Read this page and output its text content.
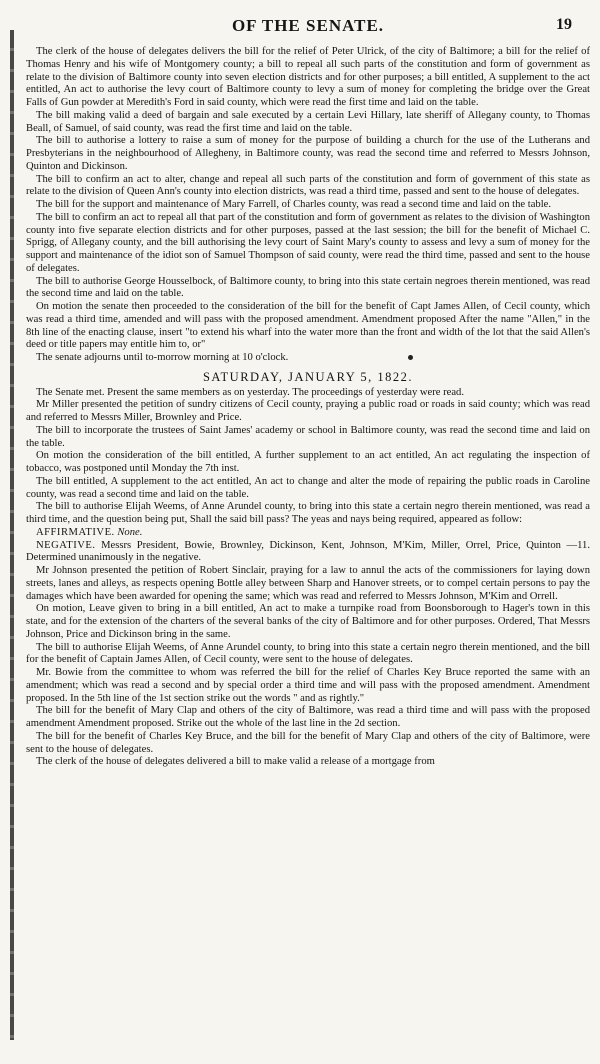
OF THE SENATE.	19

The clerk of the house of delegates delivers the bill for the relief of Peter Ulrick, of the city of Baltimore; a bill for the relief of Thomas Henry and his wife of Montgomery county; a bill to repeal all such parts of the constitution and form of government as relate to the division of Baltimore county into seven election districts and for other purposes; a bill entitled, A supplement to the act entitled, An act to authorise the levy court of Baltimore county to levy a sum of money for completing the bridge over the Great Falls of Gun powder at Meredith's Ford in said county, which were read the first time and laid on the table.

The bill making valid a deed of bargain and sale executed by a certain Levi Hillary, late sheriff of Allegany county, to Thomas Beall, of Samuel, of said county, was read the first time and laid on the table.

The bill to authorise a lottery to raise a sum of money for the purpose of building a church for the use of the Lutherans and Presbyterians in the neighbourhood of Allegheny, in Baltimore county, was read the second time and referred to Messrs Johnson, Quinton and Dickinson.

The bill to confirm an act to alter, change and repeal all such parts of the constitution and form of government of this state as relate to the division of Queen Ann's county into election districts, was read a third time, passed and sent to the house of delegates.

The bill for the support and maintenance of Mary Farrell, of Charles county, was read a second time and laid on the table.

The bill to confirm an act to repeal all that part of the constitution and form of government as relates to the division of Washington county into five separate election districts and for other purposes, passed at the last session; the bill for the benefit of Michael C. Sprigg, of Allegany county, and the bill authorising the levy court of Saint Mary's county to assess and levy a sum of money for the support and maintenance of the idiot son of Samuel Thompson of said county, were read the third time, passed and sent to the house of delegates.

The bill to authorise George Housselbock, of Baltimore county, to bring into this state certain negroes therein mentioned, was read the second time and laid on the table.

On motion the senate then proceeded to the consideration of the bill for the benefit of Capt James Allen, of Cecil county, which was read a third time, amended and will pass with the proposed amendment. Amendment proposed After the name "Allen," in the 8th line of the enacting clause, insert "to extend his wharf into the water more than the front and width of the lot that the said Allen's deed or title papers may entitle him to, or"

The senate adjourns until to-morrow morning at 10 o'clock.

SATURDAY, JANUARY 5, 1822.

The Senate met. Present the same members as on yesterday. The proceedings of yesterday were read.

Mr Miller presented the petition of sundry citizens of Cecil county, praying a public road or roads in said county; which was read and referred to Messrs Miller, Brownley and Price.

The bill to incorporate the trustees of Saint James' academy or school in Baltimore county, was read the second time and laid on the table.

On motion the consideration of the bill entitled, A further supplement to an act entitled, An act regulating the inspection of tobacco, was postponed until Monday the 7th inst.

The bill entitled, A supplement to the act entitled, An act to change and alter the mode of repairing the public roads in Caroline county, was read a second time and laid on the table.

The bill to authorise Elijah Weems, of Anne Arundel county, to bring into this state a certain negro therein mentioned, was read a third time, and the question being put, Shall the said bill pass? The yeas and nays being required, appeared as follow:

AFFIRMATIVE. None.

NEGATIVE. Messrs President, Bowie, Brownley, Dickinson, Kent, Johnson, M'Kim, Miller, Orrel, Price, Quinton —11. Determined unanimously in the negative.

Mr Johnson presented the petition of Robert Sinclair, praying for a law to annul the acts of the commissioners for laying down streets, lanes and alleys, as respects opening Bottle alley between Sharp and Hanover streets, or to compel certain persons to pay the damages which have been awarded for opening the same; which was read and referred to Messrs Johnson, M'Kim and Orrell.

On motion, Leave given to bring in a bill entitled, An act to make a turnpike road from Boonsborough to Hager's town in this state, and for the extension of the charters of the several banks of the city of Baltimore and for other purposes. Ordered, That Messrs Johnson, Price and Dickinson bring in the same.

The bill to authorise Elijah Weems, of Anne Arundel county, to bring into this state a certain negro therein mentioned, and the bill for the benefit of Captain James Allen, of Cecil county, were sent to the house of delegates.

Mr. Bowie from the committee to whom was referred the bill for the relief of Charles Key Bruce reported the same with an amendment; which was read a second and by special order a third time and will pass with the proposed amendment. Amendment proposed. In the 5th line of the 1st section strike out the words " and as rightly."

The bill for the benefit of Mary Clap and others of the city of Baltimore, was read a third time and will pass with the proposed amendment Amendment proposed. Strike out the whole of the last line in the 2d section.

The bill for the benefit of Charles Key Bruce, and the bill for the benefit of Mary Clap and others of the city of Baltimore, were sent to the house of delegates.

The clerk of the house of delegates delivered a bill to make valid a release of a mortgage from
